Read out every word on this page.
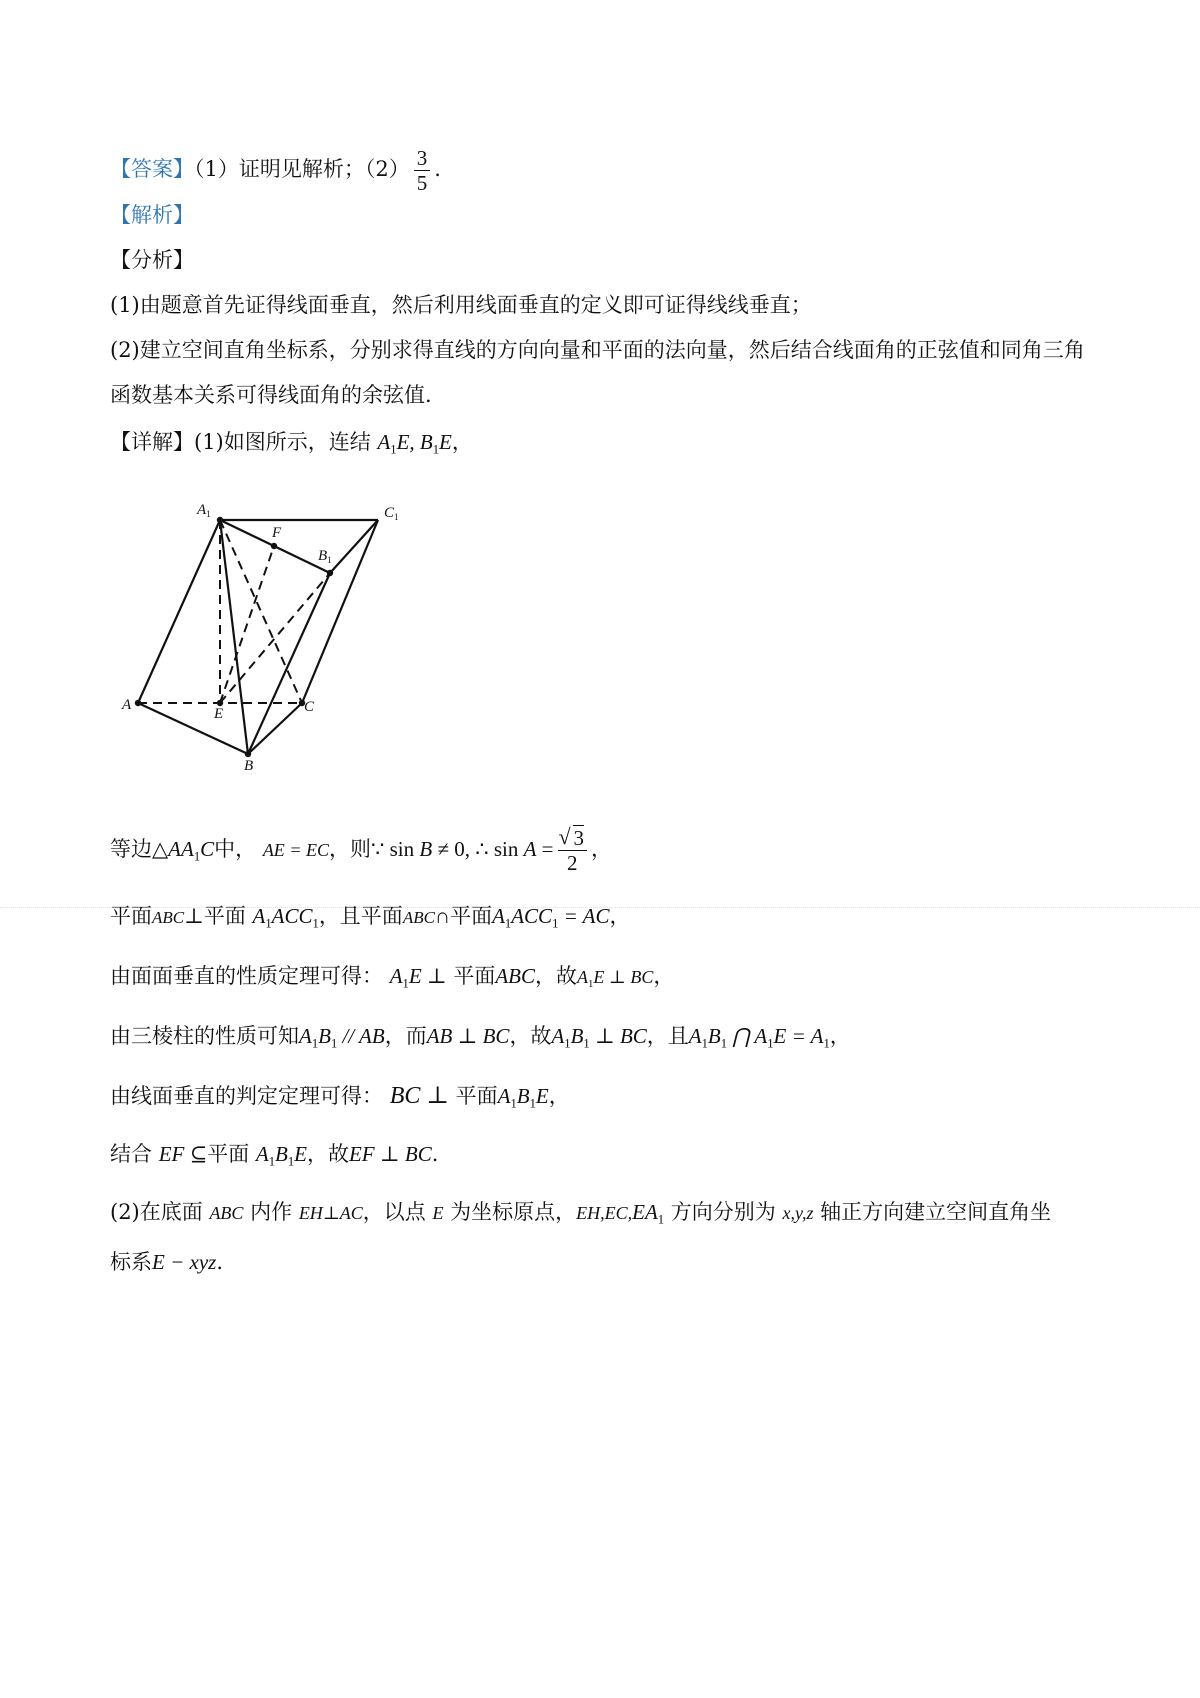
【答案】（1）证明见解析；$(2) \frac{3}{5}$ .
【解析】
【分析】
(1)由题意首先证得线面垂直，然后利用线面垂直的定义即可证得线线垂直；
(2)建立空间直角坐标系，分别求得直线的方向向量和平面的法向量，然后结合线面角的正弦值和同角三角
函数基本关系可得线面角的余弦值.
【详解】(1)如图所示，连结 $A_1E$, $B_1E$，
$A_1$	$C_1$
F
$B_1$
A
E	C
B
等边$\triangle AA_1C$中， AE = EC，则∵ sin B ≠ 0, ∴ sin A =
√ $\frac{3}{2}$ ，
平面ABC⊥平面 $A_1ACC_1$，且平面ABC∩平面$A_1ACC_1$ = AC，
由面面垂直的性质定理可得： $A_1E$ ⊥ 平面ABC，故$A_1E$ ⊥ BC，
由三棱柱的性质可知$A_1B_1$ // AB，而AB ⊥ BC，故$A_1B_1$ ⊥ BC，且$A_1B_1$ ⋂ $A_1E = A_1$，
由线面垂直的判定定理可得： BC ⊥ 平面$A_1B_1E$，
结合 EF ⊆平面 $A_1B_1E$，故EF ⊥ BC.
(2)在底面 ABC 内作 EH⊥AC，以点 E 为坐标原点，$EH,EC,EA_1$ 方向分别为 x,y,z 轴正方向建立空间直角坐
标系E − xyz.
